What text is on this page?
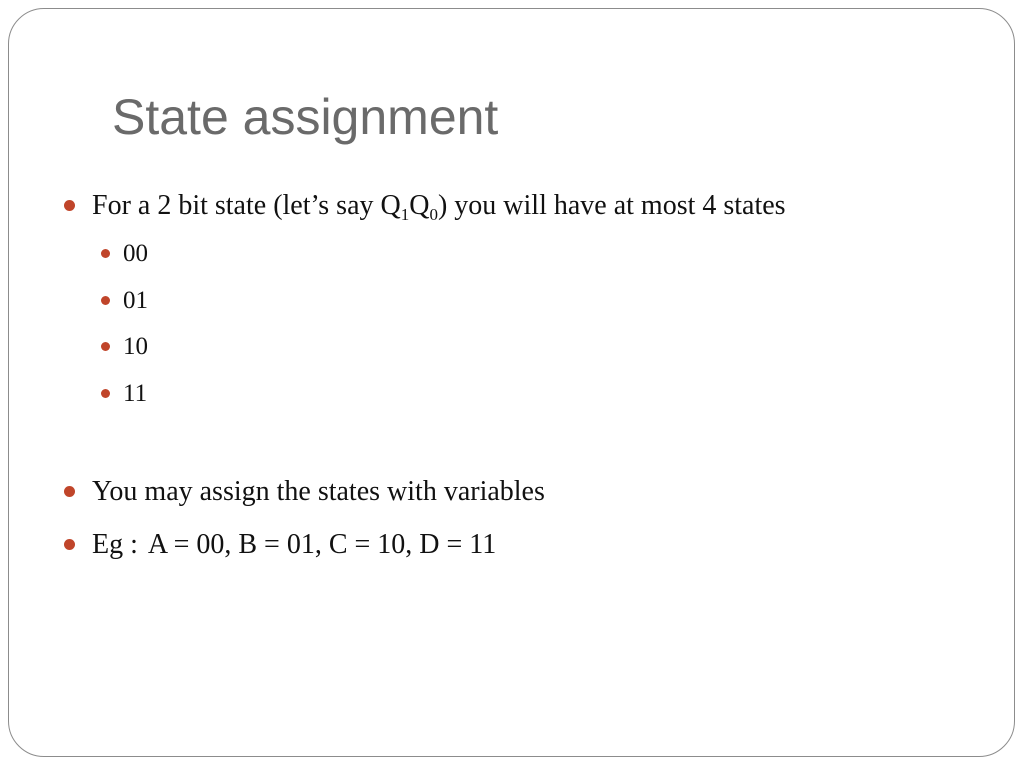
State assignment
For a 2 bit state (let’s say $Q_1Q_0$) you will have at most 4 states
00
01
10
11
You may assign the states with variables
Eg : A = 00, B = 01, C = 10, D = 11
